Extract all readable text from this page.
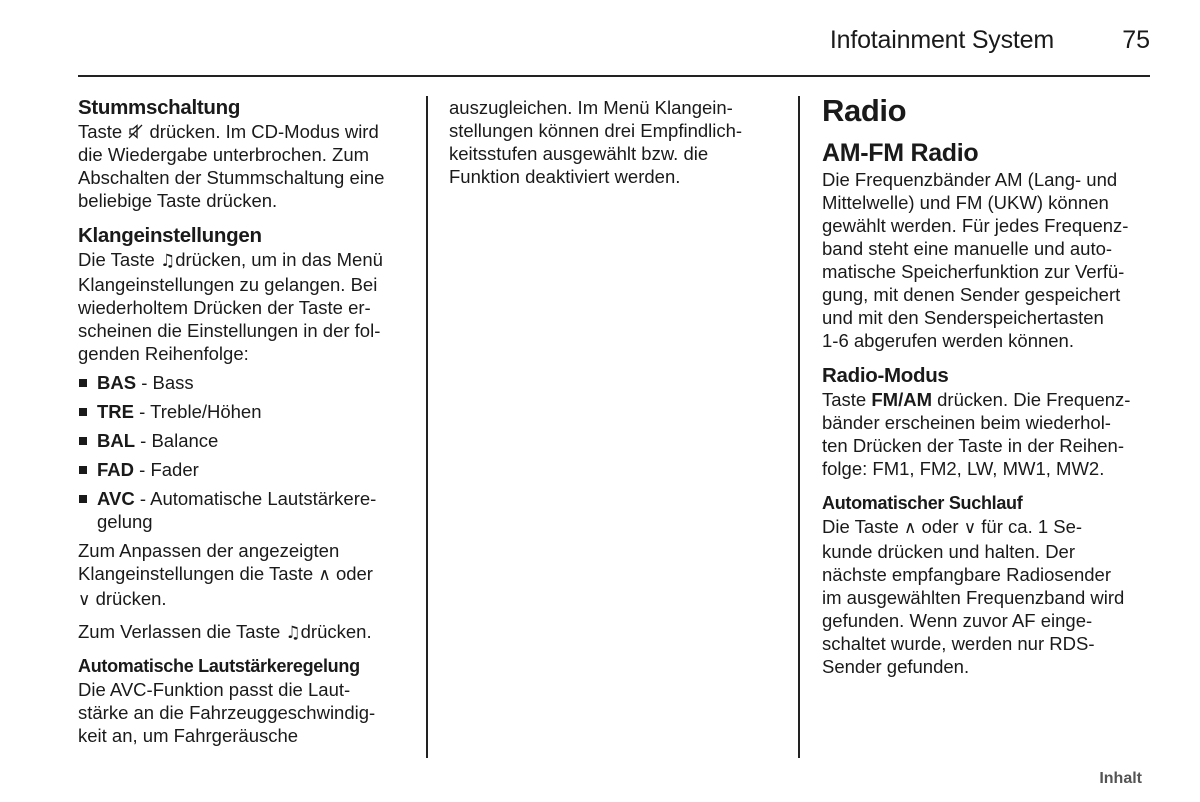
Infotainment System	75
Stummschaltung

Taste drücken. Im CD-Modus wird

die Wiedergabe unterbrochen. Zum

Abschalten der Stummschaltung eine

beliebige Taste drücken.

Klangeinstellungen

Die Taste ♫drücken, um in das Menü

Klangeinstellungen zu gelangen. Bei

wiederholtem Drücken der Taste er-

scheinen die Einstellungen in der fol-

genden Reihenfolge:

BAS - Bass
TRE - Treble/Höhen
BAL - Balance
FAD - Fader
AVC - Automatische Lautstärkere-
gelung

Zum Anpassen der angezeigten

Klangeinstellungen die Taste ∧ oder

∨ drücken.

Zum Verlassen die Taste ♫drücken.

Automatische Lautstärkeregelung

Die AVC-Funktion passt die Laut-

stärke an die Fahrzeuggeschwindig-

keit an, um Fahrgeräusche

auszugleichen. Im Menü Klangein-

stellungen können drei Empfindlich-

keitsstufen ausgewählt bzw. die

Funktion deaktiviert werden.

Radio
AM-FM Radio

Die Frequenzbänder AM (Lang- und

Mittelwelle) und FM (UKW) können

gewählt werden. Für jedes Frequenz-

band steht eine manuelle und auto-

matische Speicherfunktion zur Verfü-

gung, mit denen Sender gespeichert

und mit den Senderspeichertasten

1-6 abgerufen werden können.

Radio-Modus

Taste FM/AM drücken. Die Frequenz-

bänder erscheinen beim wiederhol-

ten Drücken der Taste in der Reihen-

folge: FM1, FM2, LW, MW1, MW2.

Automatischer Suchlauf

Die Taste ∧ oder ∨ für ca. 1 Se-

kunde drücken und halten. Der

nächste empfangbare Radiosender

im ausgewählten Frequenzband wird

gefunden. Wenn zuvor AF einge-

schaltet wurde, werden nur RDS-

Sender gefunden.

Inhalt
